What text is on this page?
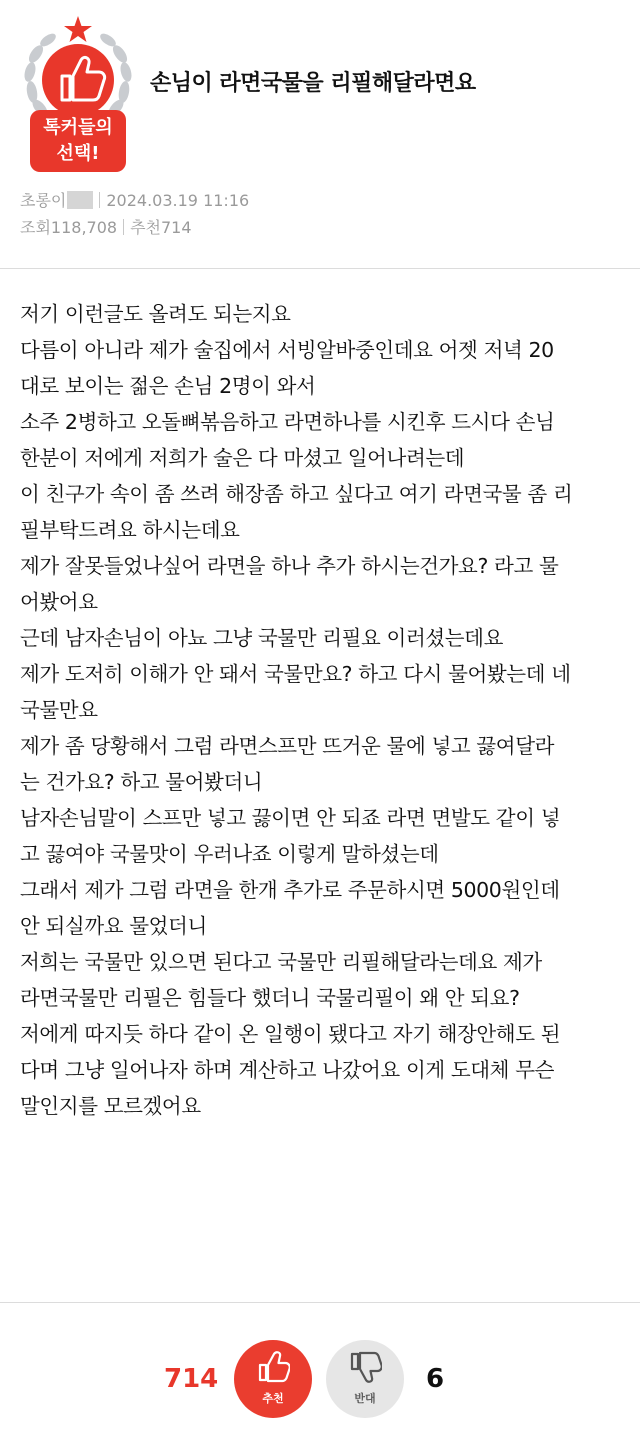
톡커들의
선택!
손님이 라면국물을 리필해달라면요
초롱이	2024.03.19 11:16
조회118,708 추천714
저기 이런글도 올려도 되는지요
다름이 아니라 제가 술집에서 서빙알바중인데요 어젯 저녁 20
대로 보이는 젊은 손님 2명이 와서
소주 2병하고 오돌뼈볶음하고 라면하나를 시킨후 드시다 손님
한분이 저에게 저희가 술은 다 마셨고 일어나려는데
이 친구가 속이 좀 쓰려 해장좀 하고 싶다고 여기 라면국물 좀 리
필부탁드려요 하시는데요
제가 잘못들었나싶어 라면을 하나 추가 하시는건가요? 라고 물
어봤어요
근데 남자손님이 아뇨 그냥 국물만 리필요 이러셨는데요
제가 도저히 이해가 안 돼서 국물만요? 하고 다시 물어봤는데 네
국물만요
제가 좀 당황해서 그럼 라면스프만 뜨거운 물에 넣고 끓여달라
는 건가요? 하고 물어봤더니
남자손님말이 스프만 넣고 끓이면 안 되죠 라면 면발도 같이 넣
고 끓여야 국물맛이 우러나죠 이렇게 말하셨는데
그래서 제가 그럼 라면을 한개 추가로 주문하시면 5000원인데
안 되실까요 물었더니
저희는 국물만 있으면 된다고 국물만 리필해달라는데요 제가
라면국물만 리필은 힘들다 했더니 국물리필이 왜 안 되요?
저에게 따지듯 하다 같이 온 일행이 됐다고 자기 해장안해도 된
다며 그냥 일어나자 하며 계산하고 나갔어요 이게 도대체 무슨
말인지를 모르겠어요
714
추천	반대
6
